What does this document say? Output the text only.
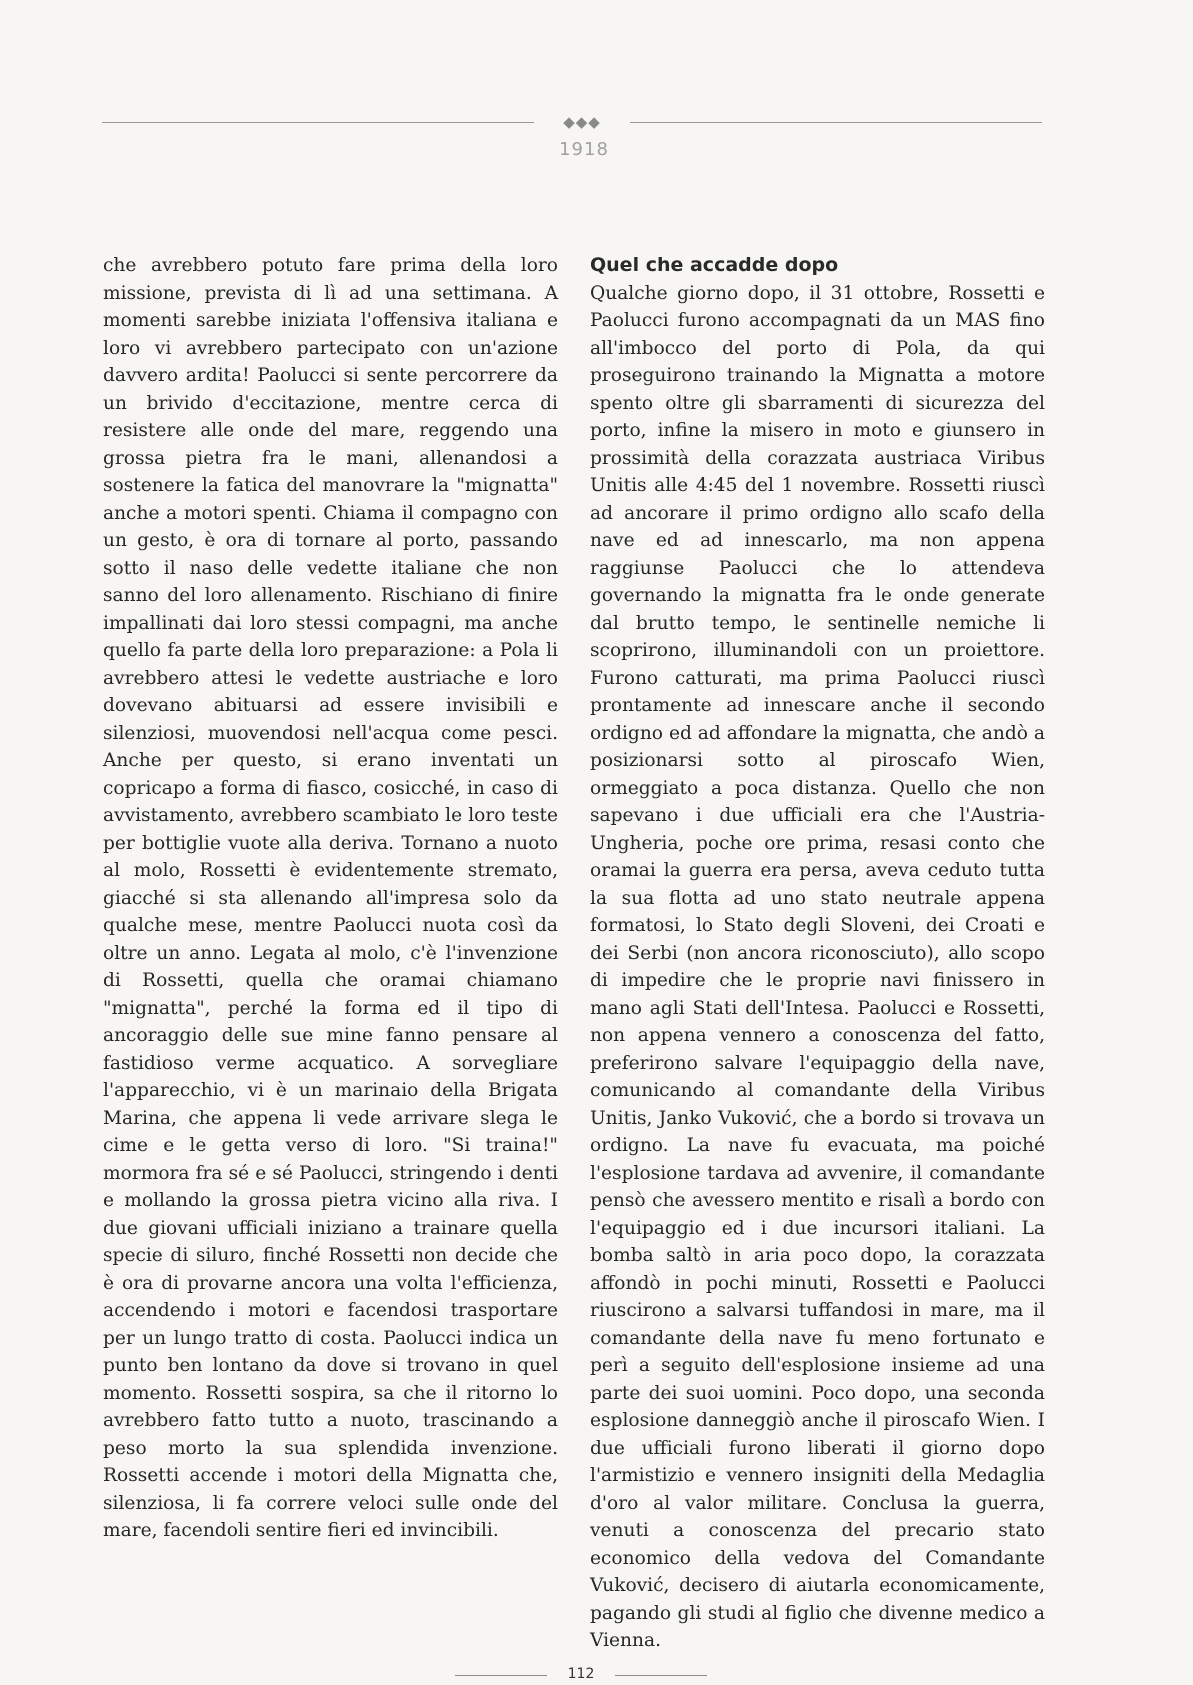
◆◆◆
1918

che avrebbero potuto fare prima della loro missione, prevista di lì ad una settimana. A momenti sarebbe iniziata l'offensiva italiana e loro vi avrebbero partecipato con un'azione davvero ardita! Paolucci si sente percorrere da un brivido d'eccitazione, mentre cerca di resistere alle onde del mare, reggendo una grossa pietra fra le mani, allenandosi a sostenere la fatica del manovrare la "mignatta" anche a motori spenti. Chiama il compagno con un gesto, è ora di tornare al porto, passando sotto il naso delle vedette italiane che non sanno del loro allenamento. Rischiano di finire impallinati dai loro stessi compagni, ma anche quello fa parte della loro preparazione: a Pola li avrebbero attesi le vedette austriache e loro dovevano abituarsi ad essere invisibili e silenziosi, muovendosi nell'acqua come pesci. Anche per questo, si erano inventati un copricapo a forma di fiasco, cosicché, in caso di avvistamento, avrebbero scambiato le loro teste per bottiglie vuote alla deriva. Tornano a nuoto al molo, Rossetti è evidentemente stremato, giacché si sta allenando all'impresa solo da qualche mese, mentre Paolucci nuota così da oltre un anno. Legata al molo, c'è l'invenzione di Rossetti, quella che oramai chiamano "mignatta", perché la forma ed il tipo di ancoraggio delle sue mine fanno pensare al fastidioso verme acquatico. A sorvegliare l'apparecchio, vi è un marinaio della Brigata Marina, che appena li vede arrivare slega le cime e le getta verso di loro. "Si traina!" mormora fra sé e sé Paolucci, stringendo i denti e mollando la grossa pietra vicino alla riva. I due giovani ufficiali iniziano a trainare quella specie di siluro, finché Rossetti non decide che è ora di provarne ancora una volta l'efficienza, accendendo i motori e facendosi trasportare per un lungo tratto di costa. Paolucci indica un punto ben lontano da dove si trovano in quel momento. Rossetti sospira, sa che il ritorno lo avrebbero fatto tutto a nuoto, trascinando a peso morto la sua splendida invenzione. Rossetti accende i motori della Mignatta che, silenziosa, li fa correre veloci sulle onde del mare, facendoli sentire fieri ed invincibili.

Quel che accadde dopo

Qualche giorno dopo, il 31 ottobre, Rossetti e Paolucci furono accompagnati da un MAS fino all'imbocco del porto di Pola, da qui proseguirono trainando la Mignatta a motore spento oltre gli sbarramenti di sicurezza del porto, infine la misero in moto e giunsero in prossimità della corazzata austriaca Viribus Unitis alle 4:45 del 1 novembre. Rossetti riuscì ad ancorare il primo ordigno allo scafo della nave ed ad innescarlo, ma non appena raggiunse Paolucci che lo attendeva governando la mignatta fra le onde generate dal brutto tempo, le sentinelle nemiche li scoprirono, illuminandoli con un proiettore. Furono catturati, ma prima Paolucci riuscì prontamente ad innescare anche il secondo ordigno ed ad affondare la mignatta, che andò a posizionarsi sotto al piroscafo Wien, ormeggiato a poca distanza. Quello che non sapevano i due ufficiali era che l'Austria-Ungheria, poche ore prima, resasi conto che oramai la guerra era persa, aveva ceduto tutta la sua flotta ad uno stato neutrale appena formatosi, lo Stato degli Sloveni, dei Croati e dei Serbi (non ancora riconosciuto), allo scopo di impedire che le proprie navi finissero in mano agli Stati dell'Intesa. Paolucci e Rossetti, non appena vennero a conoscenza del fatto, preferirono salvare l'equipaggio della nave, comunicando al comandante della Viribus Unitis, Janko Vuković, che a bordo si trovava un ordigno. La nave fu evacuata, ma poiché l'esplosione tardava ad avvenire, il comandante pensò che avessero mentito e risalì a bordo con l'equipaggio ed i due incursori italiani. La bomba saltò in aria poco dopo, la corazzata affondò in pochi minuti, Rossetti e Paolucci riuscirono a salvarsi tuffandosi in mare, ma il comandante della nave fu meno fortunato e perì a seguito dell'esplosione insieme ad una parte dei suoi uomini. Poco dopo, una seconda esplosione danneggiò anche il piroscafo Wien. I due ufficiali furono liberati il giorno dopo l'armistizio e vennero insigniti della Medaglia d'oro al valor militare. Conclusa la guerra, venuti a conoscenza del precario stato economico della vedova del Comandante Vuković, decisero di aiutarla economicamente, pagando gli studi al figlio che divenne medico a Vienna.

112
